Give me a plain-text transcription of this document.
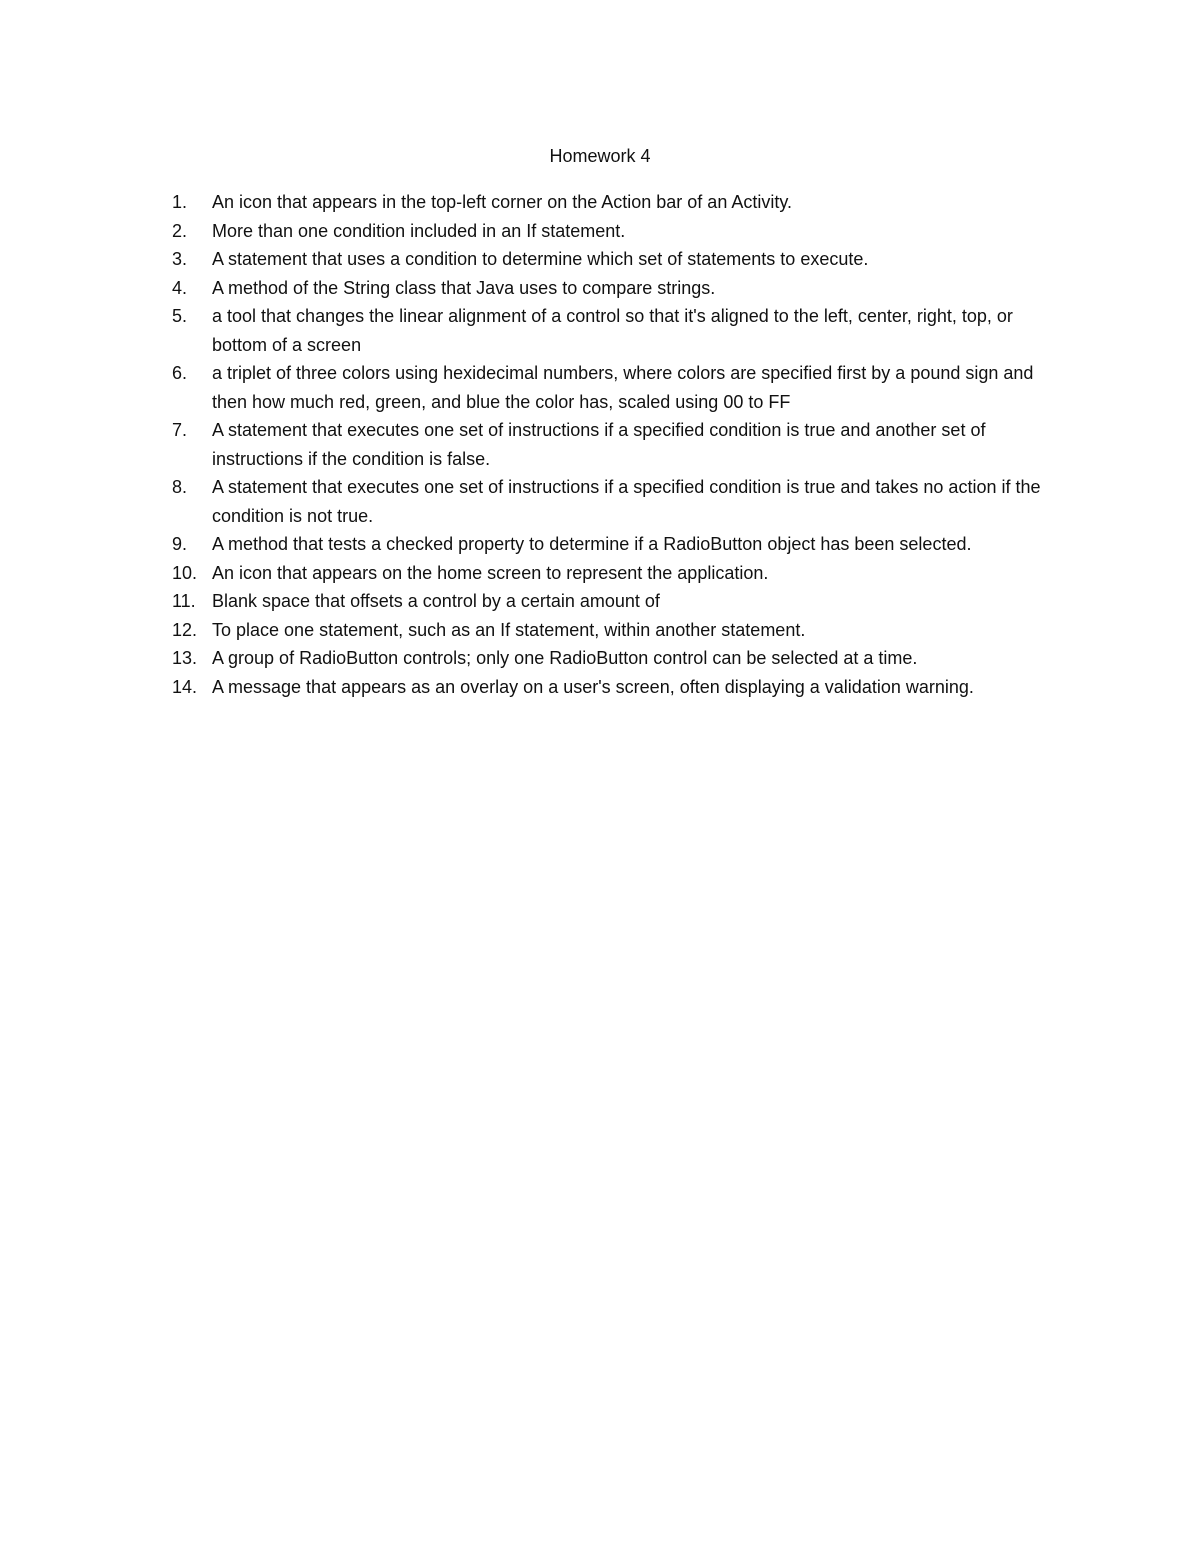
Homework 4
1.	An icon that appears in the top-left corner on the Action bar of an Activity.
2.	More than one condition included in an If statement.
3.	A statement that uses a condition to determine which set of statements to execute.
4.	A method of the String class that Java uses to compare strings.
5.	a tool that changes the linear alignment of a control so that it's aligned to the left, center, right, top, or bottom of a screen
6.	a triplet of three colors using hexidecimal numbers, where colors are specified first by a pound sign and then how much red, green, and blue the color has, scaled using 00 to FF
7.	A statement that executes one set of instructions if a specified condition is true and another set of instructions if the condition is false.
8.	A statement that executes one set of instructions if a specified condition is true and takes no action if the condition is not true.
9.	A method that tests a checked property to determine if a RadioButton object has been selected.
10. An icon that appears on the home screen to represent the application.
11. Blank space that offsets a control by a certain amount of
12. To place one statement, such as an If statement, within another statement.
13. A group of RadioButton controls; only one RadioButton control can be selected at a time.
14. A message that appears as an overlay on a user's screen, often displaying a validation warning.
